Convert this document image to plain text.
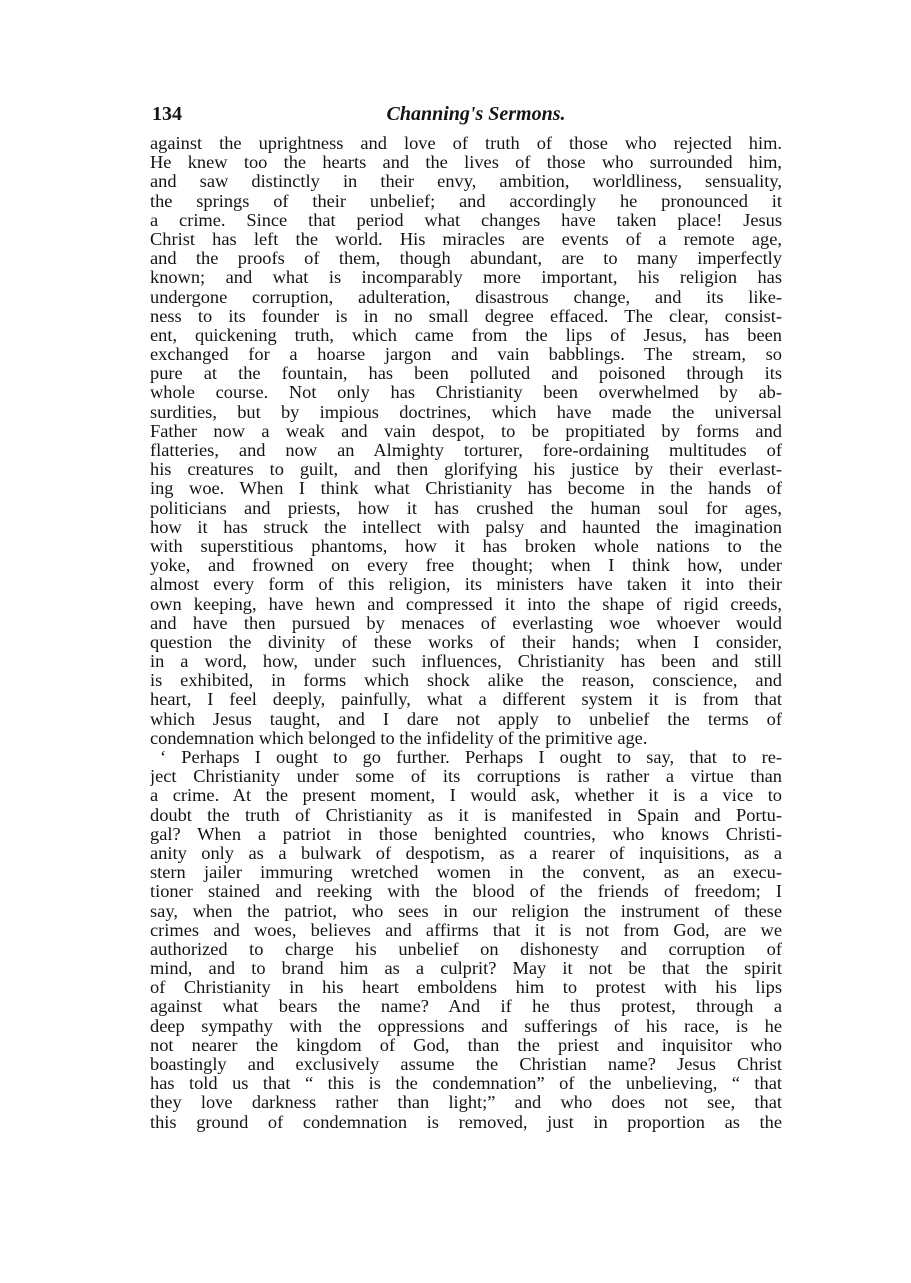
134	Channing's Sermons.
against the uprightness and love of truth of those who rejected him.
He knew too the hearts and the lives of those who surrounded him,
and saw distinctly in their envy, ambition, worldliness, sensuality,
the springs of their unbelief; and accordingly he pronounced it
a crime. Since that period what changes have taken place! Jesus
Christ has left the world. His miracles are events of a remote age,
and the proofs of them, though abundant, are to many imperfectly
known; and what is incomparably more important, his religion has
undergone corruption, adulteration, disastrous change, and its like-
ness to its founder is in no small degree effaced. The clear, consist-
ent, quickening truth, which came from the lips of Jesus, has been
exchanged for a hoarse jargon and vain babblings. The stream, so
pure at the fountain, has been polluted and poisoned through its
whole course. Not only has Christianity been overwhelmed by ab-
surdities, but by impious doctrines, which have made the universal
Father now a weak and vain despot, to be propitiated by forms and
flatteries, and now an Almighty torturer, fore-ordaining multitudes of
his creatures to guilt, and then glorifying his justice by their everlast-
ing woe. When I think what Christianity has become in the hands of
politicians and priests, how it has crushed the human soul for ages,
how it has struck the intellect with palsy and haunted the imagination
with superstitious phantoms, how it has broken whole nations to the
yoke, and frowned on every free thought; when I think how, under
almost every form of this religion, its ministers have taken it into their
own keeping, have hewn and compressed it into the shape of rigid creeds,
and have then pursued by menaces of everlasting woe whoever would
question the divinity of these works of their hands; when I consider,
in a word, how, under such influences, Christianity has been and still
is exhibited, in forms which shock alike the reason, conscience, and
heart, I feel deeply, painfully, what a different system it is from that
which Jesus taught, and I dare not apply to unbelief the terms of
condemnation which belonged to the infidelity of the primitive age.
‘ Perhaps I ought to go further. Perhaps I ought to say, that to re-
ject Christianity under some of its corruptions is rather a virtue than
a crime. At the present moment, I would ask, whether it is a vice to
doubt the truth of Christianity as it is manifested in Spain and Portu-
gal? When a patriot in those benighted countries, who knows Christi-
anity only as a bulwark of despotism, as a rearer of inquisitions, as a
stern jailer immuring wretched women in the convent, as an execu-
tioner stained and reeking with the blood of the friends of freedom; I
say, when the patriot, who sees in our religion the instrument of these
crimes and woes, believes and affirms that it is not from God, are we
authorized to charge his unbelief on dishonesty and corruption of
mind, and to brand him as a culprit? May it not be that the spirit
of Christianity in his heart emboldens him to protest with his lips
against what bears the name? And if he thus protest, through a
deep sympathy with the oppressions and sufferings of his race, is he
not nearer the kingdom of God, than the priest and inquisitor who
boastingly and exclusively assume the Christian name? Jesus Christ
has told us that “ this is the condemnation” of the unbelieving, “ that
they love darkness rather than light;” and who does not see, that
this ground of condemnation is removed, just in proportion as the
